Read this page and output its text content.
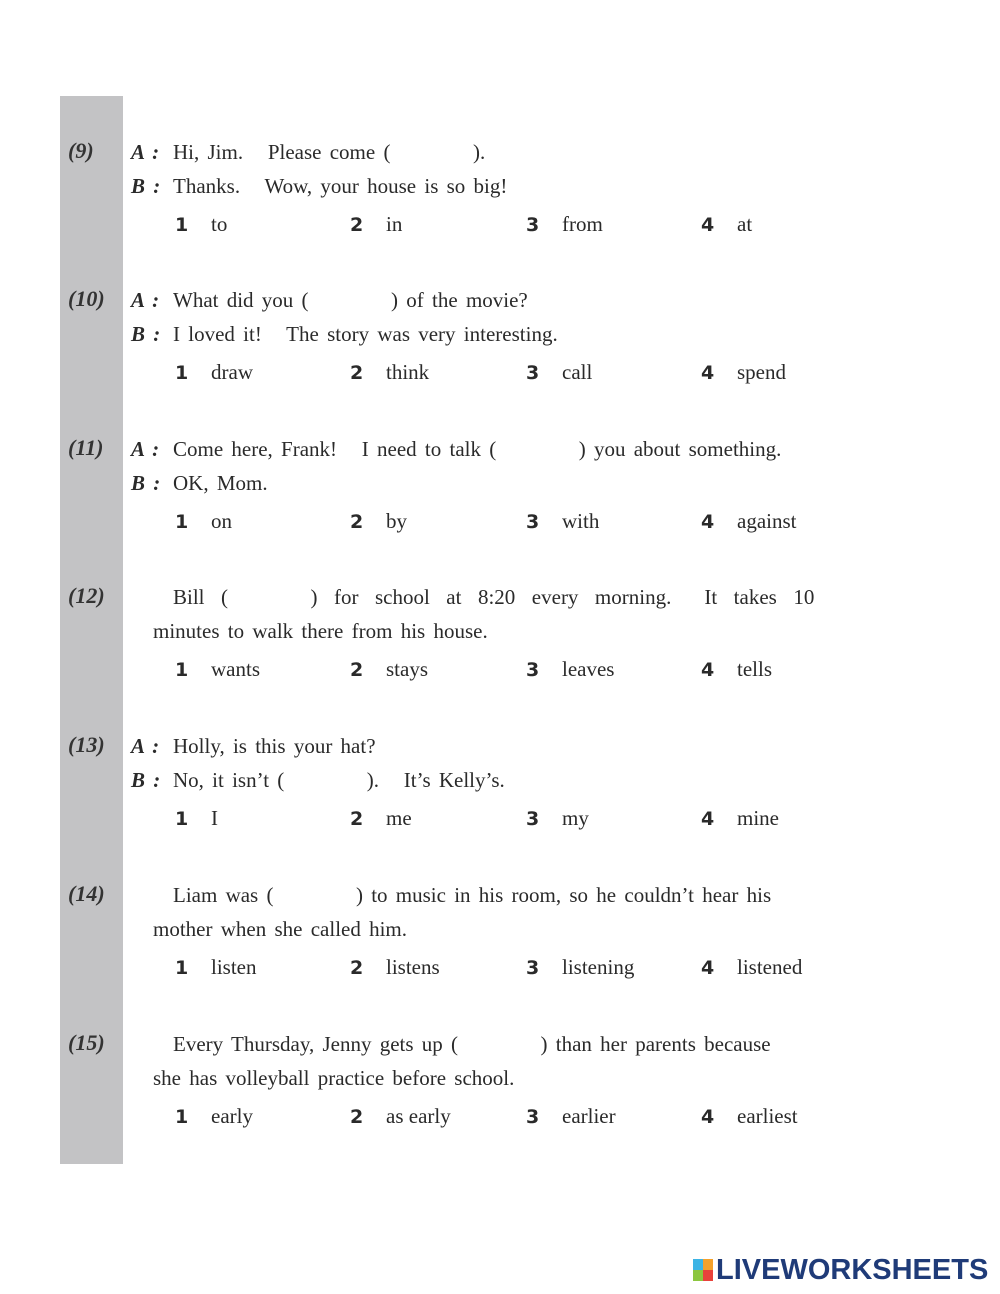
(9) A : Hi, Jim.   Please come (          ).
B : Thanks.   Wow, your house is so big!
1 to	2 in	3 from	4 at
(10) A : What did you (          ) of the movie?
B : I loved it!   The story was very interesting.
1 draw	2 think	3 call	4 spend
(11) A : Come here, Frank!   I need to talk (          ) you about something.
B : OK, Mom.
1 on	2 by	3 with	4 against
(12)	Bill  (          )  for  school  at  8:20  every  morning.    It  takes  10
minutes to walk there from his house.
1 wants	2 stays	3 leaves	4 tells
(13) A : Holly, is this your hat?
B : No, it isn’t (          ).   It’s Kelly’s.
1 I	2 me	3 my	4 mine
(14)	Liam was (          ) to music in his room, so he couldn’t hear his
mother when she called him.
1 listen	2 listens	3 listening	4 listened
(15)	Every Thursday, Jenny gets up (          ) than her parents because
she has volleyball practice before school.
1 early	2 as early	3 earlier	4 earliest
LIVEWORKSHEETS
